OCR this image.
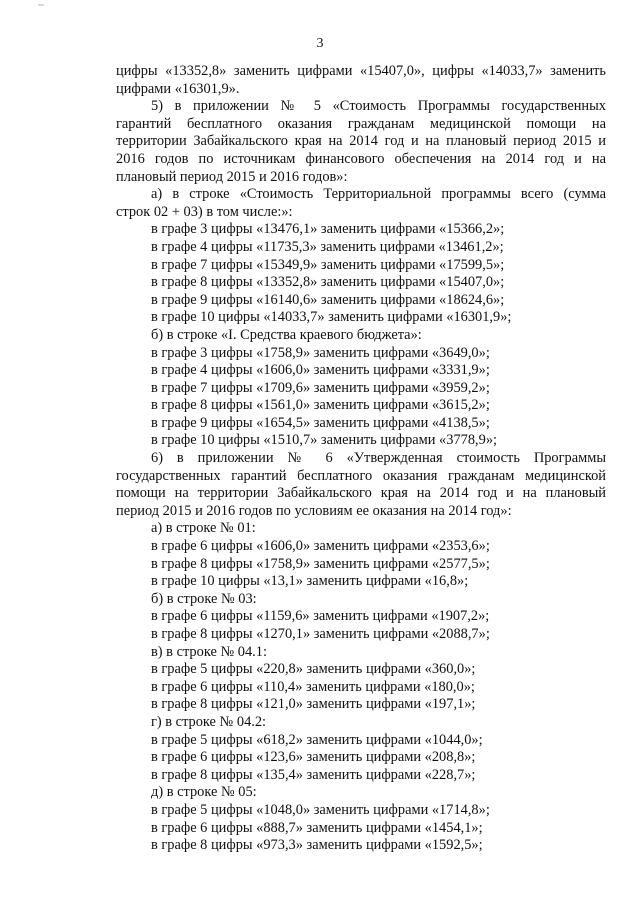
3
цифры «13352,8» заменить цифрами «15407,0», цифры «14033,7» заменить
цифрами «16301,9».
5) в приложении № 5 «Стоимость Программы государственных
гарантий бесплатного оказания гражданам медицинской помощи на
территории Забайкальского края на 2014 год и на плановый период 2015 и
2016 годов по источникам финансового обеспечения на 2014 год и на
плановый период 2015 и 2016 годов»:
а) в строке «Стоимость Территориальной программы всего (сумма
строк 02 + 03) в том числе:»:
в графе 3 цифры «13476,1» заменить цифрами «15366,2»;
в графе 4 цифры «11735,3» заменить цифрами «13461,2»;
в графе 7 цифры «15349,9» заменить цифрами «17599,5»;
в графе 8 цифры «13352,8» заменить цифрами «15407,0»;
в графе 9 цифры «16140,6» заменить цифрами «18624,6»;
в графе 10 цифры «14033,7» заменить цифрами «16301,9»;
б) в строке «I. Средства краевого бюджета»:
в графе 3 цифры «1758,9» заменить цифрами «3649,0»;
в графе 4 цифры «1606,0» заменить цифрами «3331,9»;
в графе 7 цифры «1709,6» заменить цифрами «3959,2»;
в графе 8 цифры «1561,0» заменить цифрами «3615,2»;
в графе 9 цифры «1654,5» заменить цифрами «4138,5»;
в графе 10 цифры «1510,7» заменить цифрами «3778,9»;
6) в приложении № 6 «Утвержденная стоимость Программы
государственных гарантий бесплатного оказания гражданам медицинской
помощи на территории Забайкальского края на 2014 год и на плановый
период 2015 и 2016 годов по условиям ее оказания на 2014 год»:
а) в строке № 01:
в графе 6 цифры «1606,0» заменить цифрами «2353,6»;
в графе 8 цифры «1758,9» заменить цифрами «2577,5»;
в графе 10 цифры «13,1» заменить цифрами «16,8»;
б) в строке № 03:
в графе 6 цифры «1159,6» заменить цифрами «1907,2»;
в графе 8 цифры «1270,1» заменить цифрами «2088,7»;
в) в строке № 04.1:
в графе 5 цифры «220,8» заменить цифрами «360,0»;
в графе 6 цифры «110,4» заменить цифрами «180,0»;
в графе 8 цифры «121,0» заменить цифрами «197,1»;
г) в строке № 04.2:
в графе 5 цифры «618,2» заменить цифрами «1044,0»;
в графе 6 цифры «123,6» заменить цифрами «208,8»;
в графе 8 цифры «135,4» заменить цифрами «228,7»;
д) в строке № 05:
в графе 5 цифры «1048,0» заменить цифрами «1714,8»;
в графе 6 цифры «888,7» заменить цифрами «1454,1»;
в графе 8 цифры «973,3» заменить цифрами «1592,5»;
